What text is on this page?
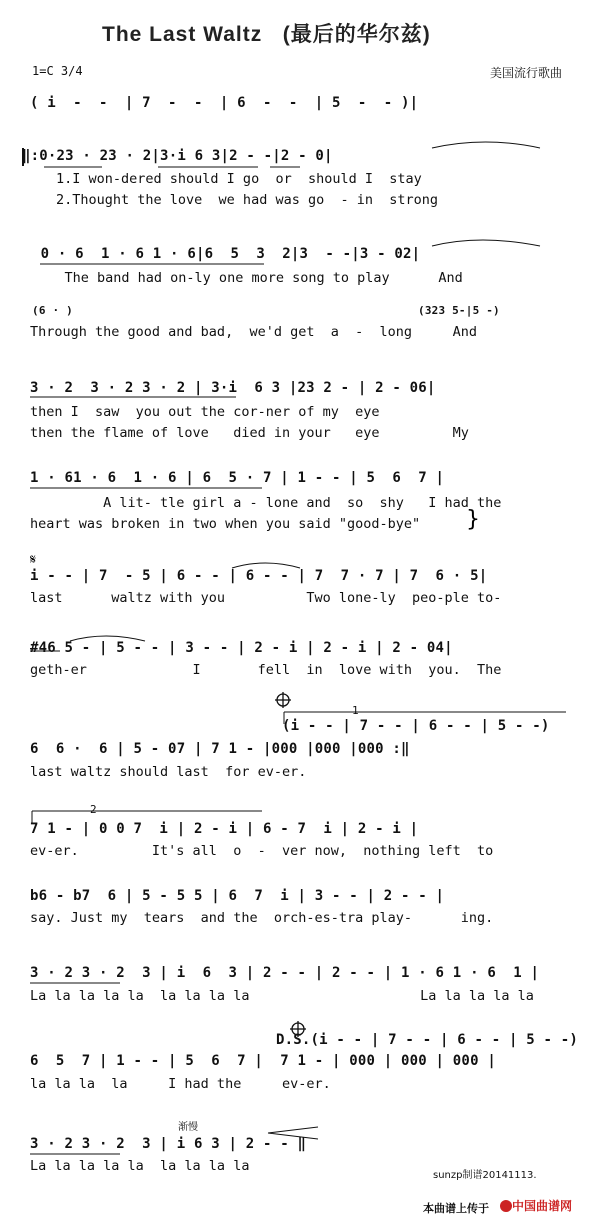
The Last Waltz   (最后的华尔兹)
1=C 3/4	美国流行歌曲
( i  -  -  | 7  -  -  | 6  -  -  | 5  -  - )|
‖:0·23 · 23 · 2|3·i 6 3|2 - -|2 - 0|
1.I won-dered should I go  or  should I  stay
2.Thought the love  we had was go  - in  strong
0 · 6  1 · 6 1 · 6|6  5  3  2|3  - -|3 - 02|
The band had on-ly one more song to play      And
(6 · )	(323 5-|5 -)
Through the good and bad,  we'd get  a  -  long     And
3 · 2  3 · 2 3 · 2 | 3·i  6 3 |23 2 - | 2 - 06|
then I  saw  you out the cor-ner of my  eye
then the flame of love   died in your   eye         My
1 · 61 · 6  1 · 6 | 6  5 · 7 | 1 - - | 5  6  7 |
A lit- tle girl a - lone and  so  shy   I had the
heart was broken in two when you said "good-bye"
i - - | 7  - 5 | 6 - - | 6 - - | 7  7 · 7 | 7  6 · 5|
last      waltz with you          Two lone-ly  peo-ple to-
#46 5 - | 5 - - | 3 - - | 2 - i | 2 - i | 2 - 04|
geth-er             I       fell  in  love with  you.  The
(i - - | 7 - - | 6 - - | 5 - -)
6  6 ·  6 | 5 - 07 | 7 1 - |000 |000 |000 :‖
last waltz should last  for ev-er.
7 1 - | 0 0 7  i | 2 - i | 6 - 7  i | 2 - i |
ev-er.         It's all  o  -  ver now,  nothing left  to
b6 - b7  6 | 5 - 5 5 | 6  7  i | 3 - - | 2 - - |
say. Just my  tears  and the  orch-es-tra play-      ing.
3 · 2 3 · 2  3 | i  6  3 | 2 - - | 2 - - | 1 · 6 1 · 6  1 |
La la la la la  la la la la                     La la la la la
D.S.(i - - | 7 - - | 6 - - | 5 - -)
6  5  7 | 1 - - | 5  6  7 |  7 1 - | 000 | 000 | 000 |
la la la  la     I had the     ev-er.
渐慢
3 · 2 3 · 2  3 | i 6 3 | 2 - - ‖
La la la la la  la la la la
1
2
sunzp制谱20141113.
本曲谱上传于 中国曲谱网
𝄋
}
